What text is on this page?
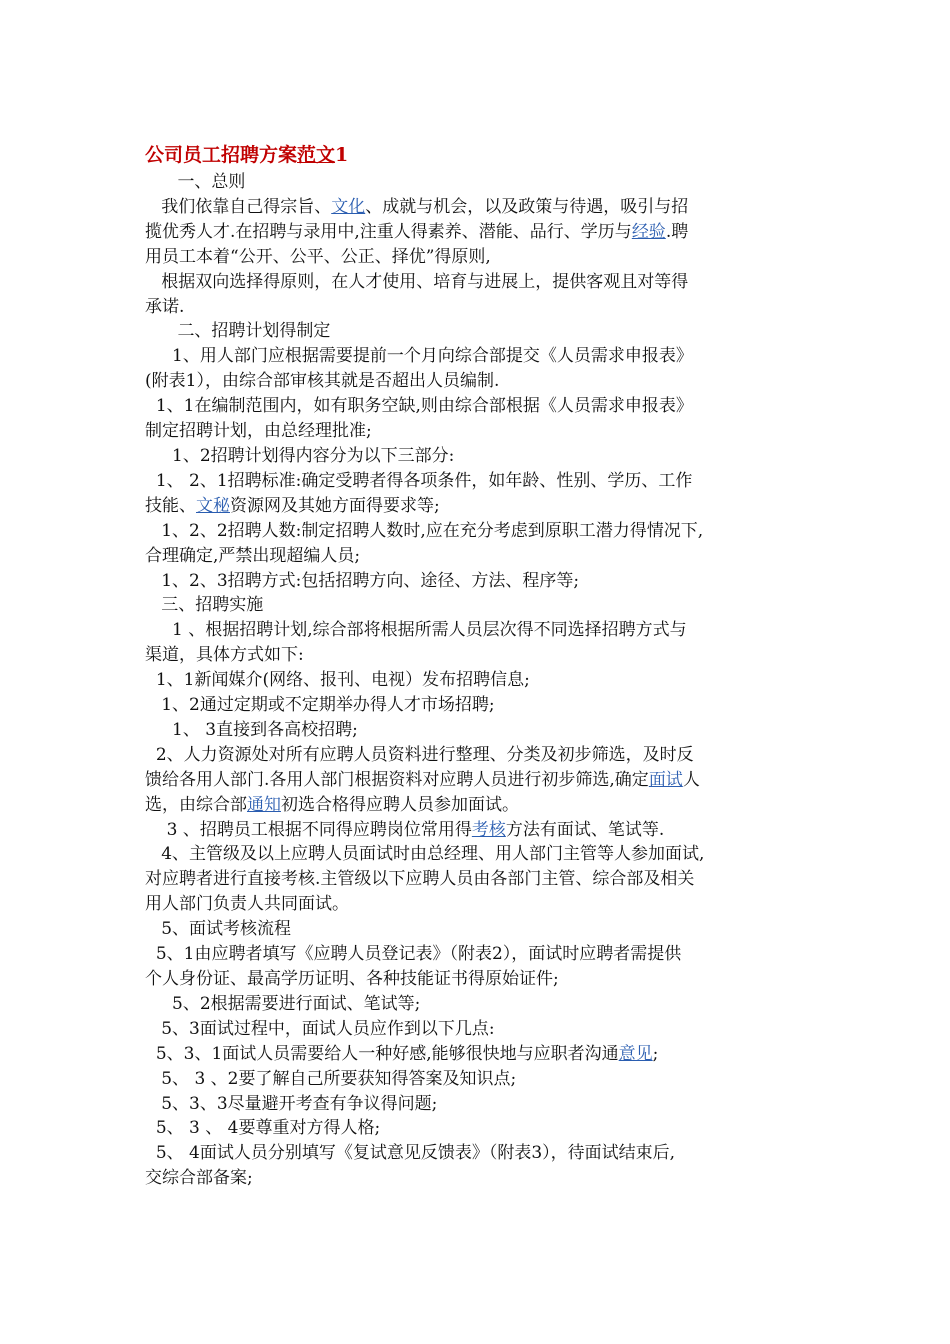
公司员工招聘方案范文1
一、总则
我们依靠自己得宗旨、文化、成就与机会，以及政策与待遇，吸引与招
揽优秀人才.在招聘与录用中,注重人得素养、潜能、品行、学历与经验.聘
用员工本着“公开、公平、公正、择优”得原则,
根据双向选择得原则，在人才使用、培育与进展上，提供客观且对等得
承诺.
二、招聘计划得制定
1、用人部门应根据需要提前一个月向综合部提交《人员需求申报表》
(附表1），由综合部审核其就是否超出人员编制.
1、1在编制范围内，如有职务空缺,则由综合部根据《人员需求申报表》
制定招聘计划，由总经理批准;
1、2招聘计划得内容分为以下三部分:
1、 2、1招聘标准:确定受聘者得各项条件，如年龄、性别、学历、工作
技能、文秘资源网及其她方面得要求等;
1、2、2招聘人数:制定招聘人数时,应在充分考虑到原职工潜力得情况下,
合理确定,严禁出现超编人员;
1、2、3招聘方式:包括招聘方向、途径、方法、程序等;
三、招聘实施
1 、根据招聘计划,综合部将根据所需人员层次得不同选择招聘方式与
渠道，具体方式如下:
1、1新闻媒介(网络、报刊、电视）发布招聘信息;
1、2通过定期或不定期举办得人才市场招聘;
1、 3直接到各高校招聘;
2、人力资源处对所有应聘人员资料进行整理、分类及初步筛选，及时反
馈给各用人部门.各用人部门根据资料对应聘人员进行初步筛选,确定面试人
选，由综合部通知初选合格得应聘人员参加面试。
3 、招聘员工根据不同得应聘岗位常用得考核方法有面试、笔试等.
4、主管级及以上应聘人员面试时由总经理、用人部门主管等人参加面试,
对应聘者进行直接考核.主管级以下应聘人员由各部门主管、综合部及相关
用人部门负责人共同面试。
5、面试考核流程
5、1由应聘者填写《应聘人员登记表》（附表2），面试时应聘者需提供
个人身份证、最高学历证明、各种技能证书得原始证件;
5、2根据需要进行面试、笔试等;
5、3面试过程中，面试人员应作到以下几点:
5、3、1面试人员需要给人一种好感,能够很快地与应职者沟通意见;
5、 3 、2要了解自己所要获知得答案及知识点;
5、3、3尽量避开考查有争议得问题;
5、 3 、 4要尊重对方得人格;
5、 4面试人员分别填写《复试意见反馈表》（附表3），待面试结束后,
交综合部备案;
